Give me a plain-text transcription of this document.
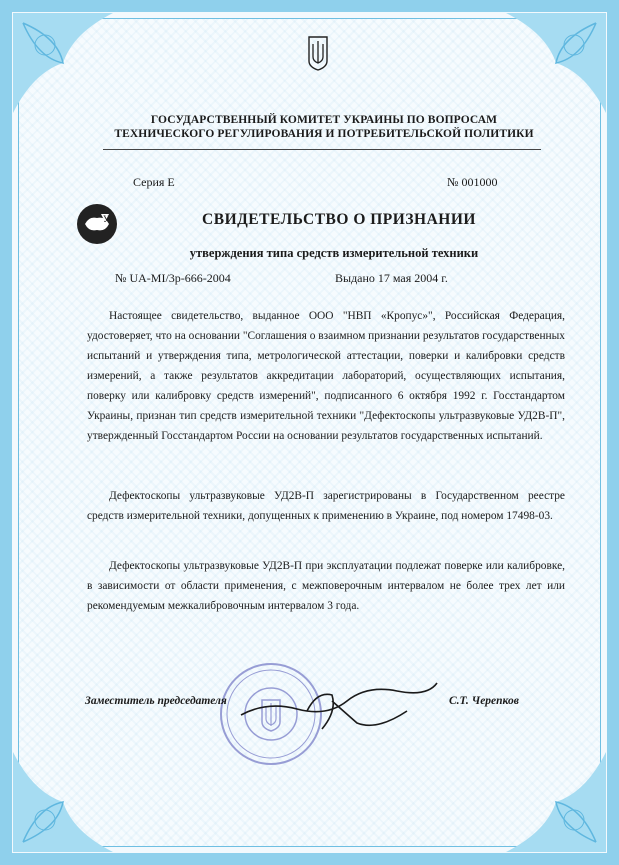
ГОСУДАРСТВЕННЫЙ КОМИТЕТ УКРАИНЫ ПО ВОПРОСАМ
ТЕХНИЧЕСКОГО РЕГУЛИРОВАНИЯ И ПОТРЕБИТЕЛЬСКОЙ ПОЛИТИКИ
Серия Е	№ 001000
У	СВИДЕТЕЛЬСТВО О ПРИЗНАНИИ
утверждения типа средств измерительной техники
№ UA-MI/3р-666-2004	Выдано 17 мая 2004 г.

Настоящее свидетельство, выданное ООО "НВП «Кропус»", Российская Федерация, удостоверяет, что на основании "Соглашения о взаимном признании результатов государственных испытаний и утверждения типа, метрологической аттестации, поверки и калибровки средств измерений, а также результатов аккредитации лабораторий, осуществляющих испытания, поверку или калибровку средств измерений", подписанного 6 октября 1992 г. Госстандартом Украины, признан тип средств измерительной техники "Дефектоскопы ультразвуковые УД2В-П", утвержденный Госстандартом России на основании результатов государственных испытаний.

Дефектоскопы ультразвуковые УД2В-П зарегистрированы в Государственном реестре средств измерительной техники, допущенных к применению в Украине, под номером 17498-03.

Дефектоскопы ультразвуковые УД2В-П при эксплуатации подлежат поверке или калибровке, в зависимости от области применения, с межповерочным интервалом не более трех лет или рекомендуемым межкалибровочным интервалом 3 года.

Заместитель председателя	С.Т. Черепков
